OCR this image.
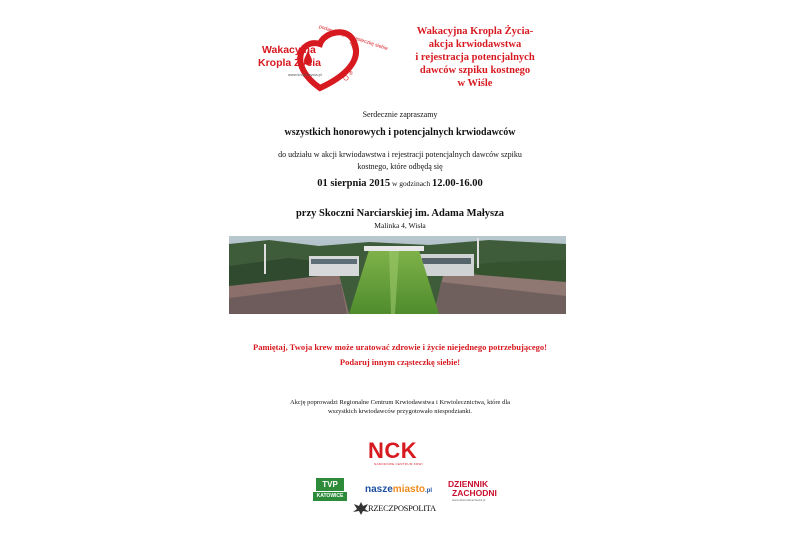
Wakacyjna
Kropla Życia
www.kroplazycia.pl
podaruj innym cząsteczkę siebie
®
Wakacyjna Kropla Życia-
akcja krwiodawstwa
i rejestracja potencjalnych
dawców szpiku kostnego
w Wiśle
Serdecznie zapraszamy
wszystkich honorowych i potencjalnych krwiodawców
do udziału w akcji krwiodawstwa i rejestracji potencjalnych dawców szpiku
kostnego, które odbędą się
01 sierpnia 2015 w godzinach 12.00-16.00
przy Skoczni Narciarskiej im. Adama Małysza
Malinka 4, Wisła
Pamiętaj, Twoja krew może uratować zdrowie i życie niejednego potrzebującego!
Podaruj innym cząsteczkę siebie!
Akcję poprowadzi Regionalne Centrum Krwiodawstwa i Krwiolecznictwa, które dla
wszystkich krwiodawców przygotowało niespodzianki.
NCK
NARODOWE CENTRUM KRWI
TVP
KATOWICE
naszemiasto.pl
DZIENNIK
ZACHODNI
www.dziennikzachodni.pl
RZECZPOSPOLITA
